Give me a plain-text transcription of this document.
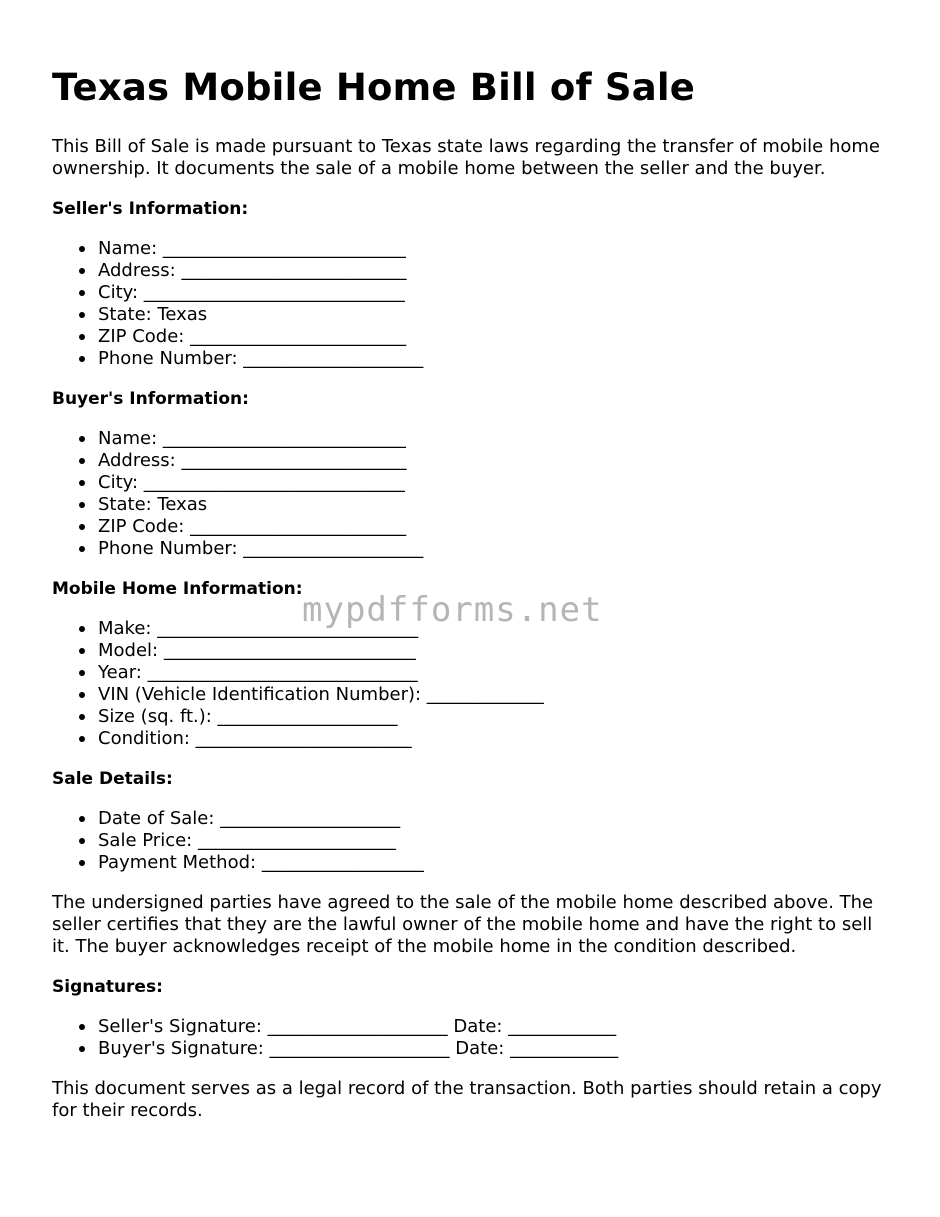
Texas Mobile Home Bill of Sale

This Bill of Sale is made pursuant to Texas state laws regarding the transfer of mobile home ownership. It documents the sale of a mobile home between the seller and the buyer.

Seller's Information:
Name: ___________________________
Address: _________________________
City: _____________________________
State: Texas
ZIP Code: ________________________
Phone Number: ____________________
Buyer's Information:
Name: ___________________________
Address: _________________________
City: _____________________________
State: Texas
ZIP Code: ________________________
Phone Number: ____________________
Mobile Home Information:
Make: _____________________________
Model: ____________________________
Year: ______________________________
VIN (Vehicle Identification Number): _____________
Size (sq. ft.): ____________________
Condition: ________________________
Sale Details:
Date of Sale: ____________________
Sale Price: ______________________
Payment Method: __________________

The undersigned parties have agreed to the sale of the mobile home described above. The seller certifies that they are the lawful owner of the mobile home and have the right to sell it. The buyer acknowledges receipt of the mobile home in the condition described.

Signatures:
Seller's Signature: ____________________ Date: ____________
Buyer's Signature: ____________________ Date: ____________

This document serves as a legal record of the transaction. Both parties should retain a copy for their records.

mypdfforms.net
